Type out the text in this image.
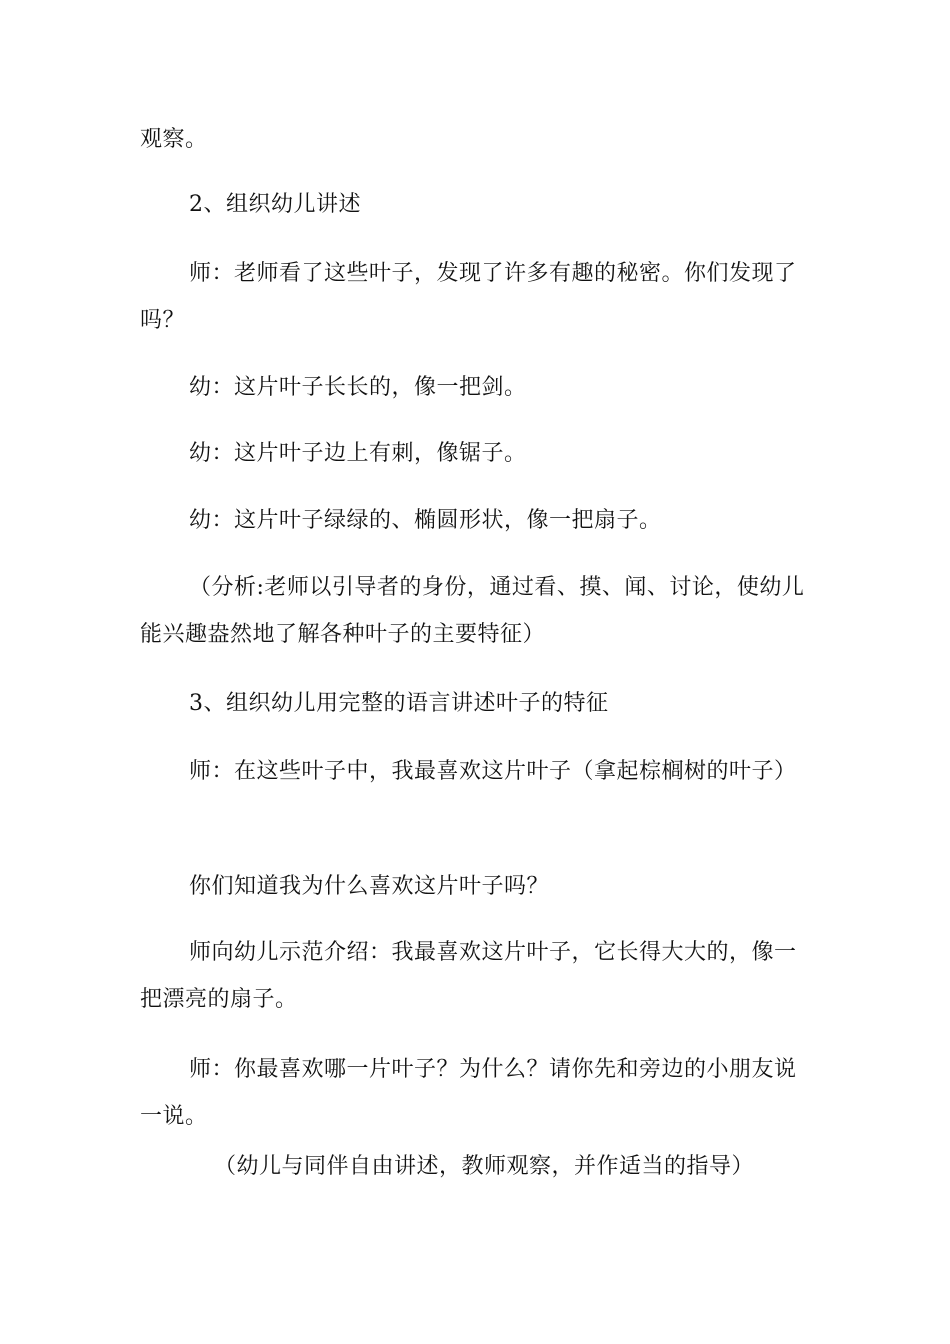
观察。

2、组织幼儿讲述

师：老师看了这些叶子，发现了许多有趣的秘密。你们发现了吗？

幼：这片叶子长长的，像一把剑。

幼：这片叶子边上有刺，像锯子。

幼：这片叶子绿绿的、椭圆形状，像一把扇子。

（分析:老师以引导者的身份，通过看、摸、闻、讨论，使幼儿能兴趣盎然地了解各种叶子的主要特征）

3、组织幼儿用完整的语言讲述叶子的特征

师：在这些叶子中，我最喜欢这片叶子（拿起棕榈树的叶子）

你们知道我为什么喜欢这片叶子吗？

师向幼儿示范介绍：我最喜欢这片叶子，它长得大大的，像一把漂亮的扇子。

师：你最喜欢哪一片叶子？为什么？请你先和旁边的小朋友说一说。

（幼儿与同伴自由讲述，教师观察，并作适当的指导）
